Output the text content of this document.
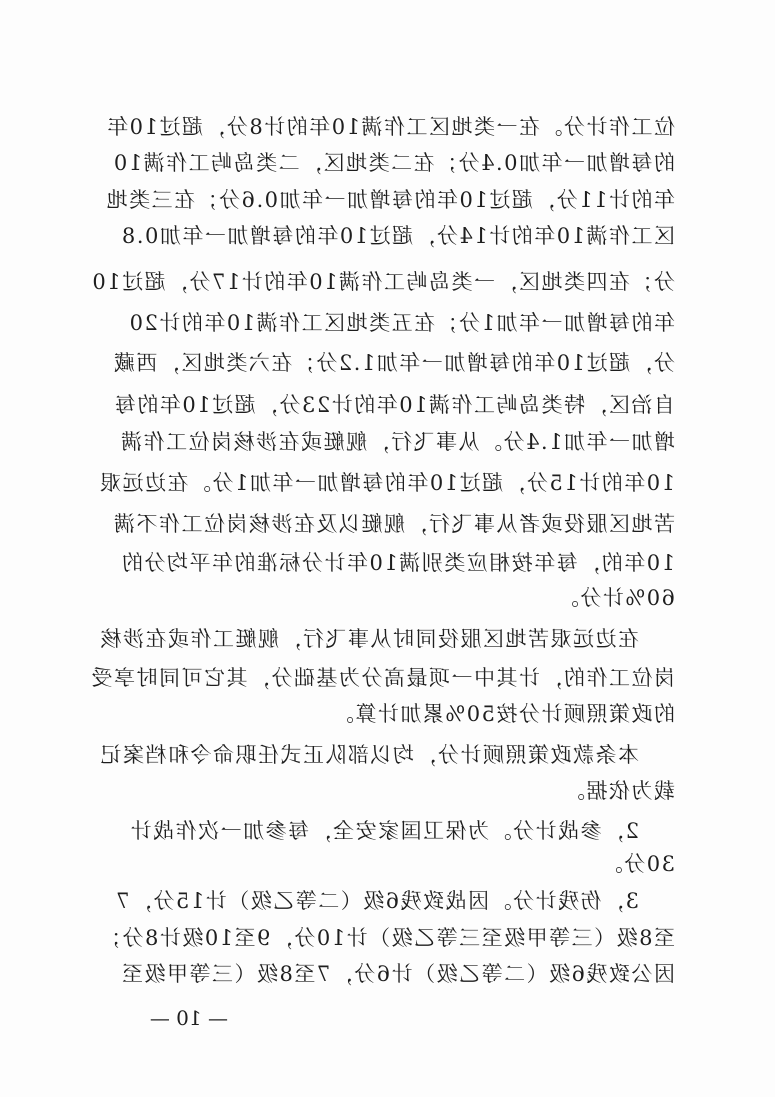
位工作计分。在一类地区工作满10年的计8分，超过10年
的每增加一年加0.4分；在二类地区，二类岛屿工作满10
年的计11分，超过10年的每增加一年加0.6分；在三类地
区工作满10年的计14分，超过10年的每增加一年加0.8
分；在四类地区，一类岛屿工作满10年的计17分，超过10
年的每增加一年加1分；在五类地区工作满10年的计20
分，超过10年的每增加一年加1.2分；在六类地区，西藏
自治区，特类岛屿工作满10年的计23分，超过10年的每
增加一年加1.4分。从事飞行，舰艇或在涉核岗位工作满
10年的计15分，超过10年的每增加一年加1分。在边远艰
苦地区服役或者从事飞行，舰艇以及在涉核岗位工作不满
10年的，每年按相应类别满10年计分标准的年平均分的
60%计分。
在边远艰苦地区服役同时从事飞行，舰艇工作或在涉核
岗位工作的，计其中一项最高分为基础分，其它可同时享受
的政策照顾计分按50%累加计算。
本条款政策照顾计分，均以部队正式任职命令和档案记
载为依据。
2，参战计分。为保卫国家安全，每参加一次作战计
30分。
3，伤残计分。因战致残6级（二等乙级）计15分，7
至8级（三等甲级至三等乙级）计10分，9至10级计8分；
因公致残6级（二等乙级）计6分，7至8级（三等甲级至
— 10 —
